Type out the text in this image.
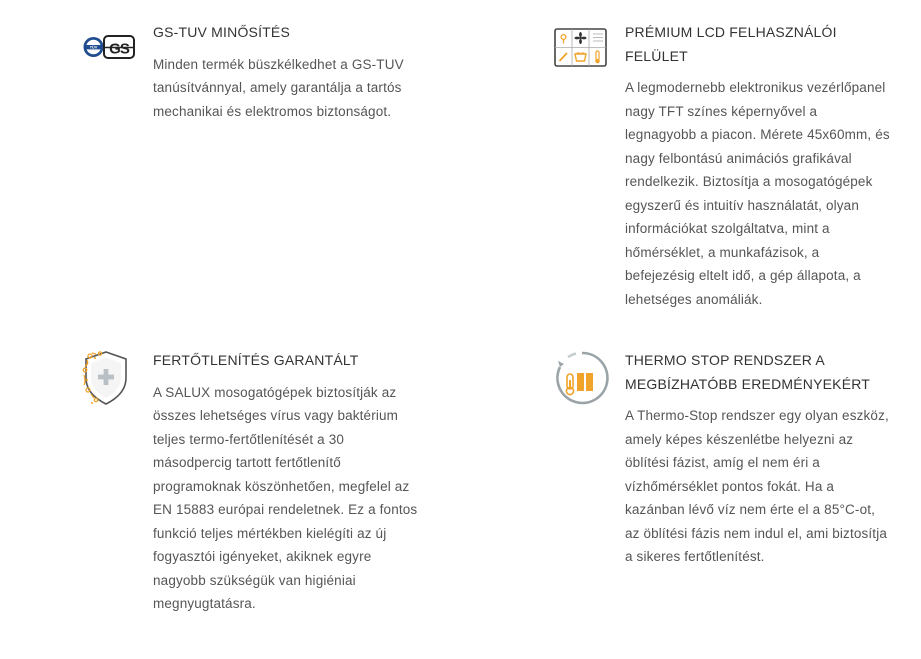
TÜV GS
GS-TUV MINŐSÍTÉS

Minden termék büszkélkedhet a GS-TUV tanúsítvánnyal, amely garantálja a tartós mechanikai és elektromos biztonságot.

PRÉMIUM LCD FELHASZNÁLÓI FELÜLET

A legmodernebb elektronikus vezérlőpanel nagy TFT színes képernyővel a legnagyobb a piacon. Mérete 45x60mm, és nagy felbontású animációs grafikával rendelkezik. Biztosítja a mosogatógépek egyszerű és intuitív használatát, olyan információkat szolgáltatva, mint a hőmérséklet, a munkafázisok, a befejezésig eltelt idő, a gép állapota, a lehetséges anomáliák.

FERTŐTLENÍTÉS GARANTÁLT

A SALUX mosogatógépek biztosítják az összes lehetséges vírus vagy baktérium teljes termo-fertőtlenítését a 30 másodpercig tartott fertőtlenítő programoknak köszönhetően, megfelel az EN 15883 európai rendeletnek. Ez a fontos funkció teljes mértékben kielégíti az új fogyasztói igényeket, akiknek egyre nagyobb szükségük van higiéniai megnyugtatásra.

THERMO STOP RENDSZER A MEGBÍZHATÓBB EREDMÉNYEKÉRT

A Thermo-Stop rendszer egy olyan eszköz, amely képes készenlétbe helyezni az öblítési fázist, amíg el nem éri a vízhőmérséklet pontos fokát. Ha a kazánban lévő víz nem érte el a 85°C-ot, az öblítési fázis nem indul el, ami biztosítja a sikeres fertőtlenítést.
